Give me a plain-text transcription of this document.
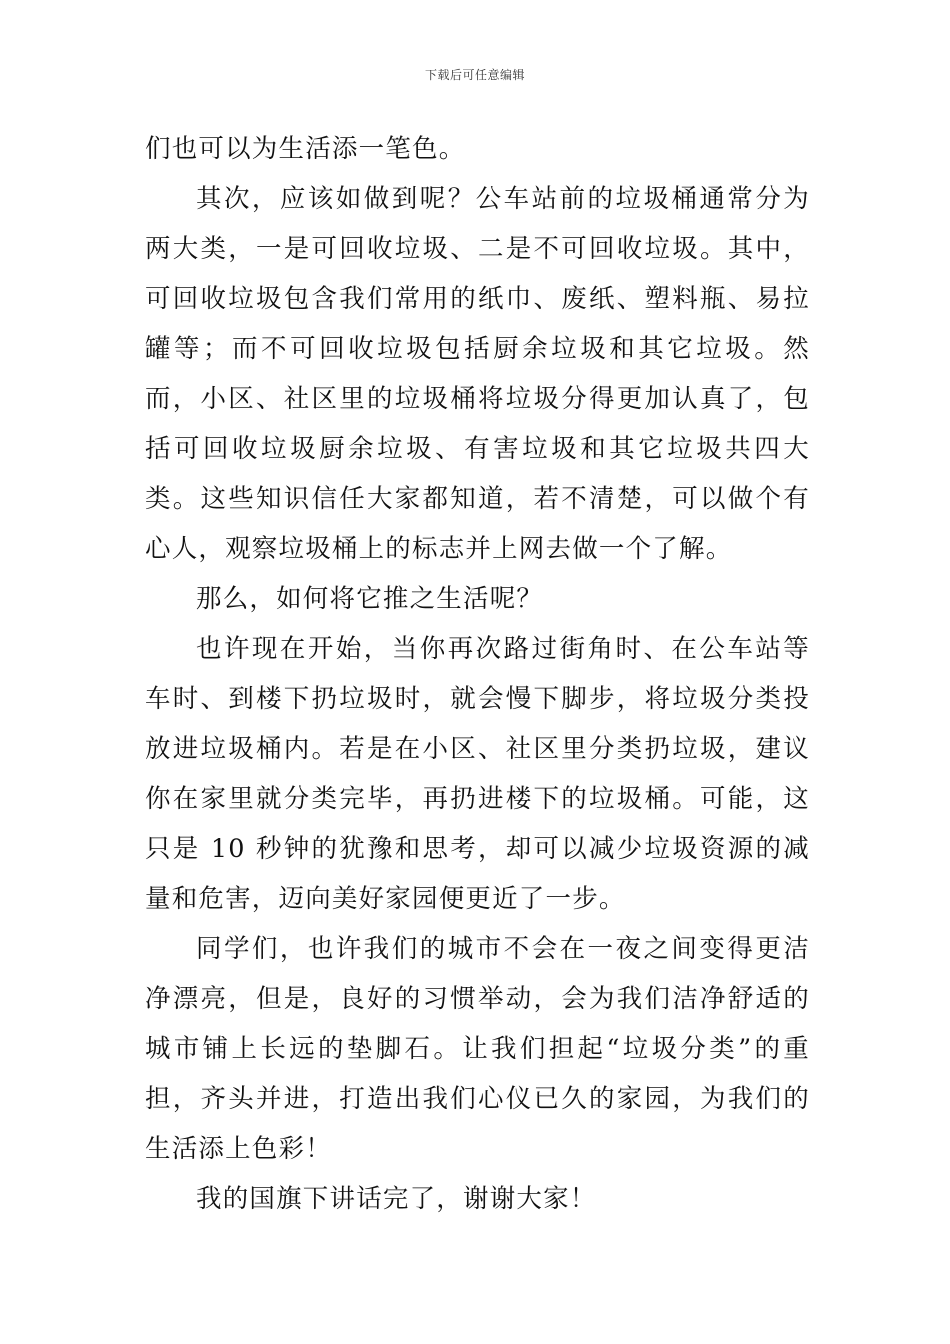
下载后可任意编辑

们也可以为生活添一笔色。

其次，应该如做到呢？公车站前的垃圾桶通常分为两大类，一是可回收垃圾、二是不可回收垃圾。其中，可回收垃圾包含我们常用的纸巾、废纸、塑料瓶、易拉罐等；而不可回收垃圾包括厨余垃圾和其它垃圾。然而，小区、社区里的垃圾桶将垃圾分得更加认真了，包括可回收垃圾厨余垃圾、有害垃圾和其它垃圾共四大类。这些知识信任大家都知道，若不清楚，可以做个有心人，观察垃圾桶上的标志并上网去做一个了解。

那么，如何将它推之生活呢？

也许现在开始，当你再次路过街角时、在公车站等车时、到楼下扔垃圾时，就会慢下脚步，将垃圾分类投放进垃圾桶内。若是在小区、社区里分类扔垃圾，建议你在家里就分类完毕，再扔进楼下的垃圾桶。可能，这只是 10 秒钟的犹豫和思考，却可以减少垃圾资源的减量和危害，迈向美好家园便更近了一步。

同学们，也许我们的城市不会在一夜之间变得更洁净漂亮，但是，良好的习惯举动，会为我们洁净舒适的城市铺上长远的垫脚石。让我们担起“垃圾分类”的重担，齐头并进，打造出我们心仪已久的家园，为我们的生活添上色彩！

我的国旗下讲话完了，谢谢大家！
